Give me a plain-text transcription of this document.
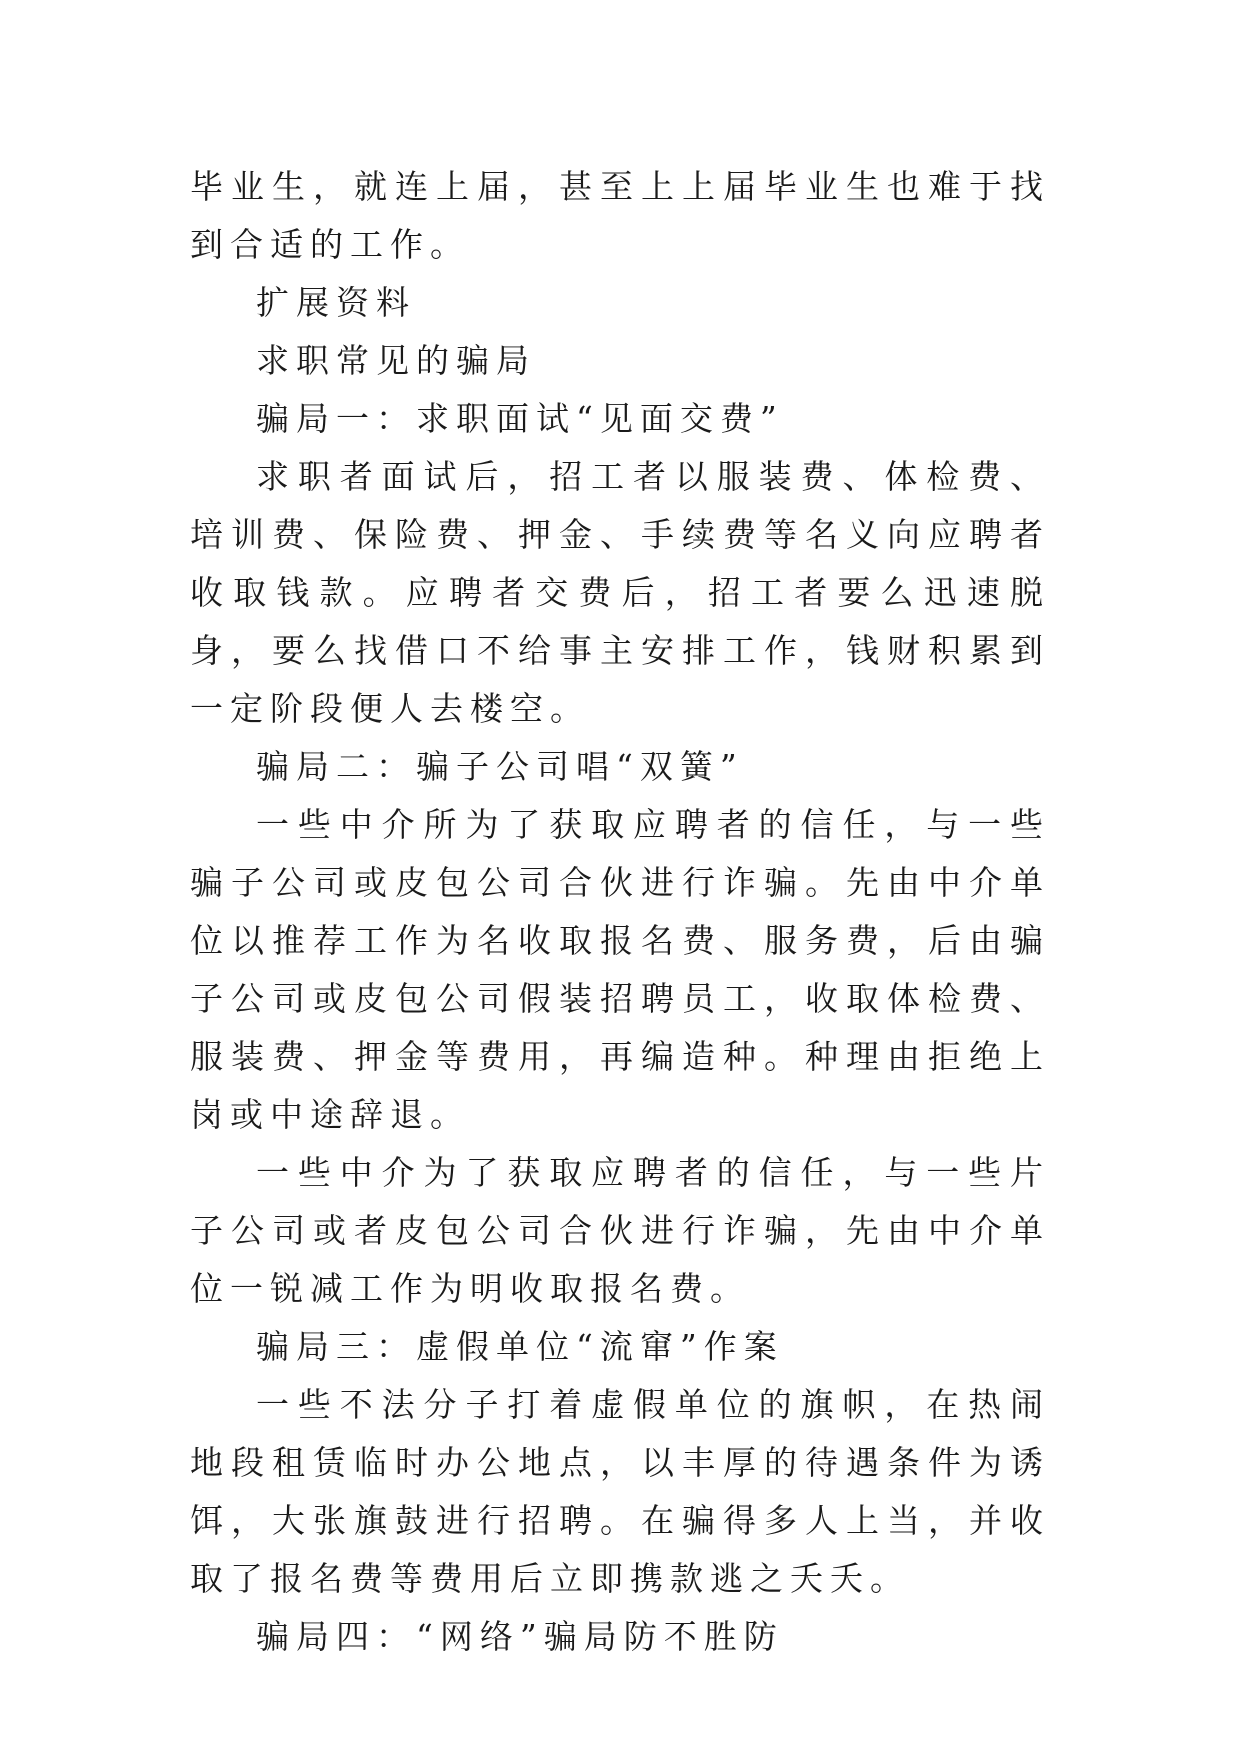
毕业生，就连上届，甚至上上届毕业生也难于找到合适的工作。

扩展资料

求职常见的骗局

骗局一：求职面试“见面交费”

求职者面试后，招工者以服装费、体检费、培训费、保险费、押金、手续费等名义向应聘者收取钱款。应聘者交费后，招工者要么迅速脱身，要么找借口不给事主安排工作，钱财积累到一定阶段便人去楼空。

骗局二：骗子公司唱“双簧”

一些中介所为了获取应聘者的信任，与一些骗子公司或皮包公司合伙进行诈骗。先由中介单位以推荐工作为名收取报名费、服务费，后由骗子公司或皮包公司假装招聘员工，收取体检费、服装费、押金等费用，再编造种。种理由拒绝上岗或中途辞退。

一些中介为了获取应聘者的信任，与一些片子公司或者皮包公司合伙进行诈骗，先由中介单位一锐减工作为明收取报名费。

骗局三：虚假单位“流窜”作案

一些不法分子打着虚假单位的旗帜，在热闹地段租赁临时办公地点，以丰厚的待遇条件为诱饵，大张旗鼓进行招聘。在骗得多人上当，并收取了报名费等费用后立即携款逃之夭夭。

骗局四：“网络”骗局防不胜防
